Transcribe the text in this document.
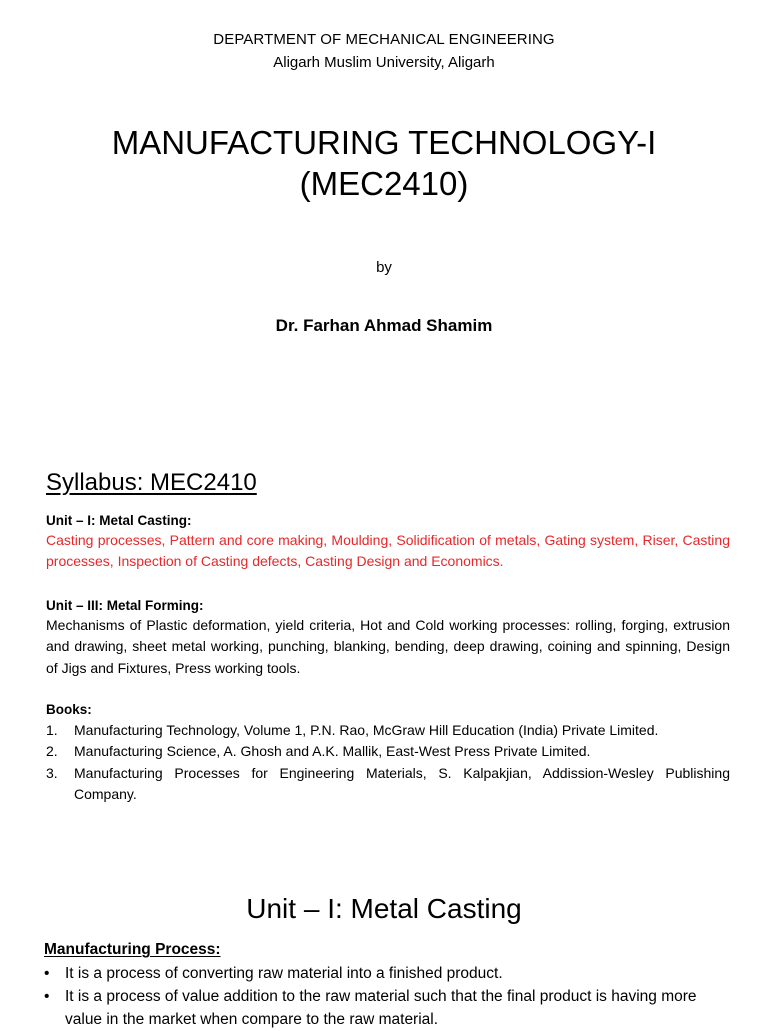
DEPARTMENT OF MECHANICAL ENGINEERING
Aligarh Muslim University, Aligarh
MANUFACTURING TECHNOLOGY-I
(MEC2410)
by
Dr. Farhan Ahmad Shamim
Syllabus: MEC2410
Unit – I: Metal Casting:
Casting processes, Pattern and core making, Moulding, Solidification of metals, Gating system, Riser, Casting processes, Inspection of Casting defects, Casting Design and Economics.
Unit – III: Metal Forming:
Mechanisms of Plastic deformation, yield criteria, Hot and Cold working processes: rolling, forging, extrusion and drawing, sheet metal working, punching, blanking, bending, deep drawing, coining and spinning, Design of Jigs and Fixtures, Press working tools.
Books:
1. Manufacturing Technology, Volume 1, P.N. Rao, McGraw Hill Education (India) Private Limited.
2. Manufacturing Science, A. Ghosh and A.K. Mallik, East-West Press Private Limited.
3. Manufacturing Processes for Engineering Materials, S. Kalpakjian, Addission-Wesley Publishing Company.
Unit – I: Metal Casting
Manufacturing Process:
• It is a process of converting raw material into a finished product.
• It is a process of value addition to the raw material such that the final product is having more value in the market when compare to the raw material.
